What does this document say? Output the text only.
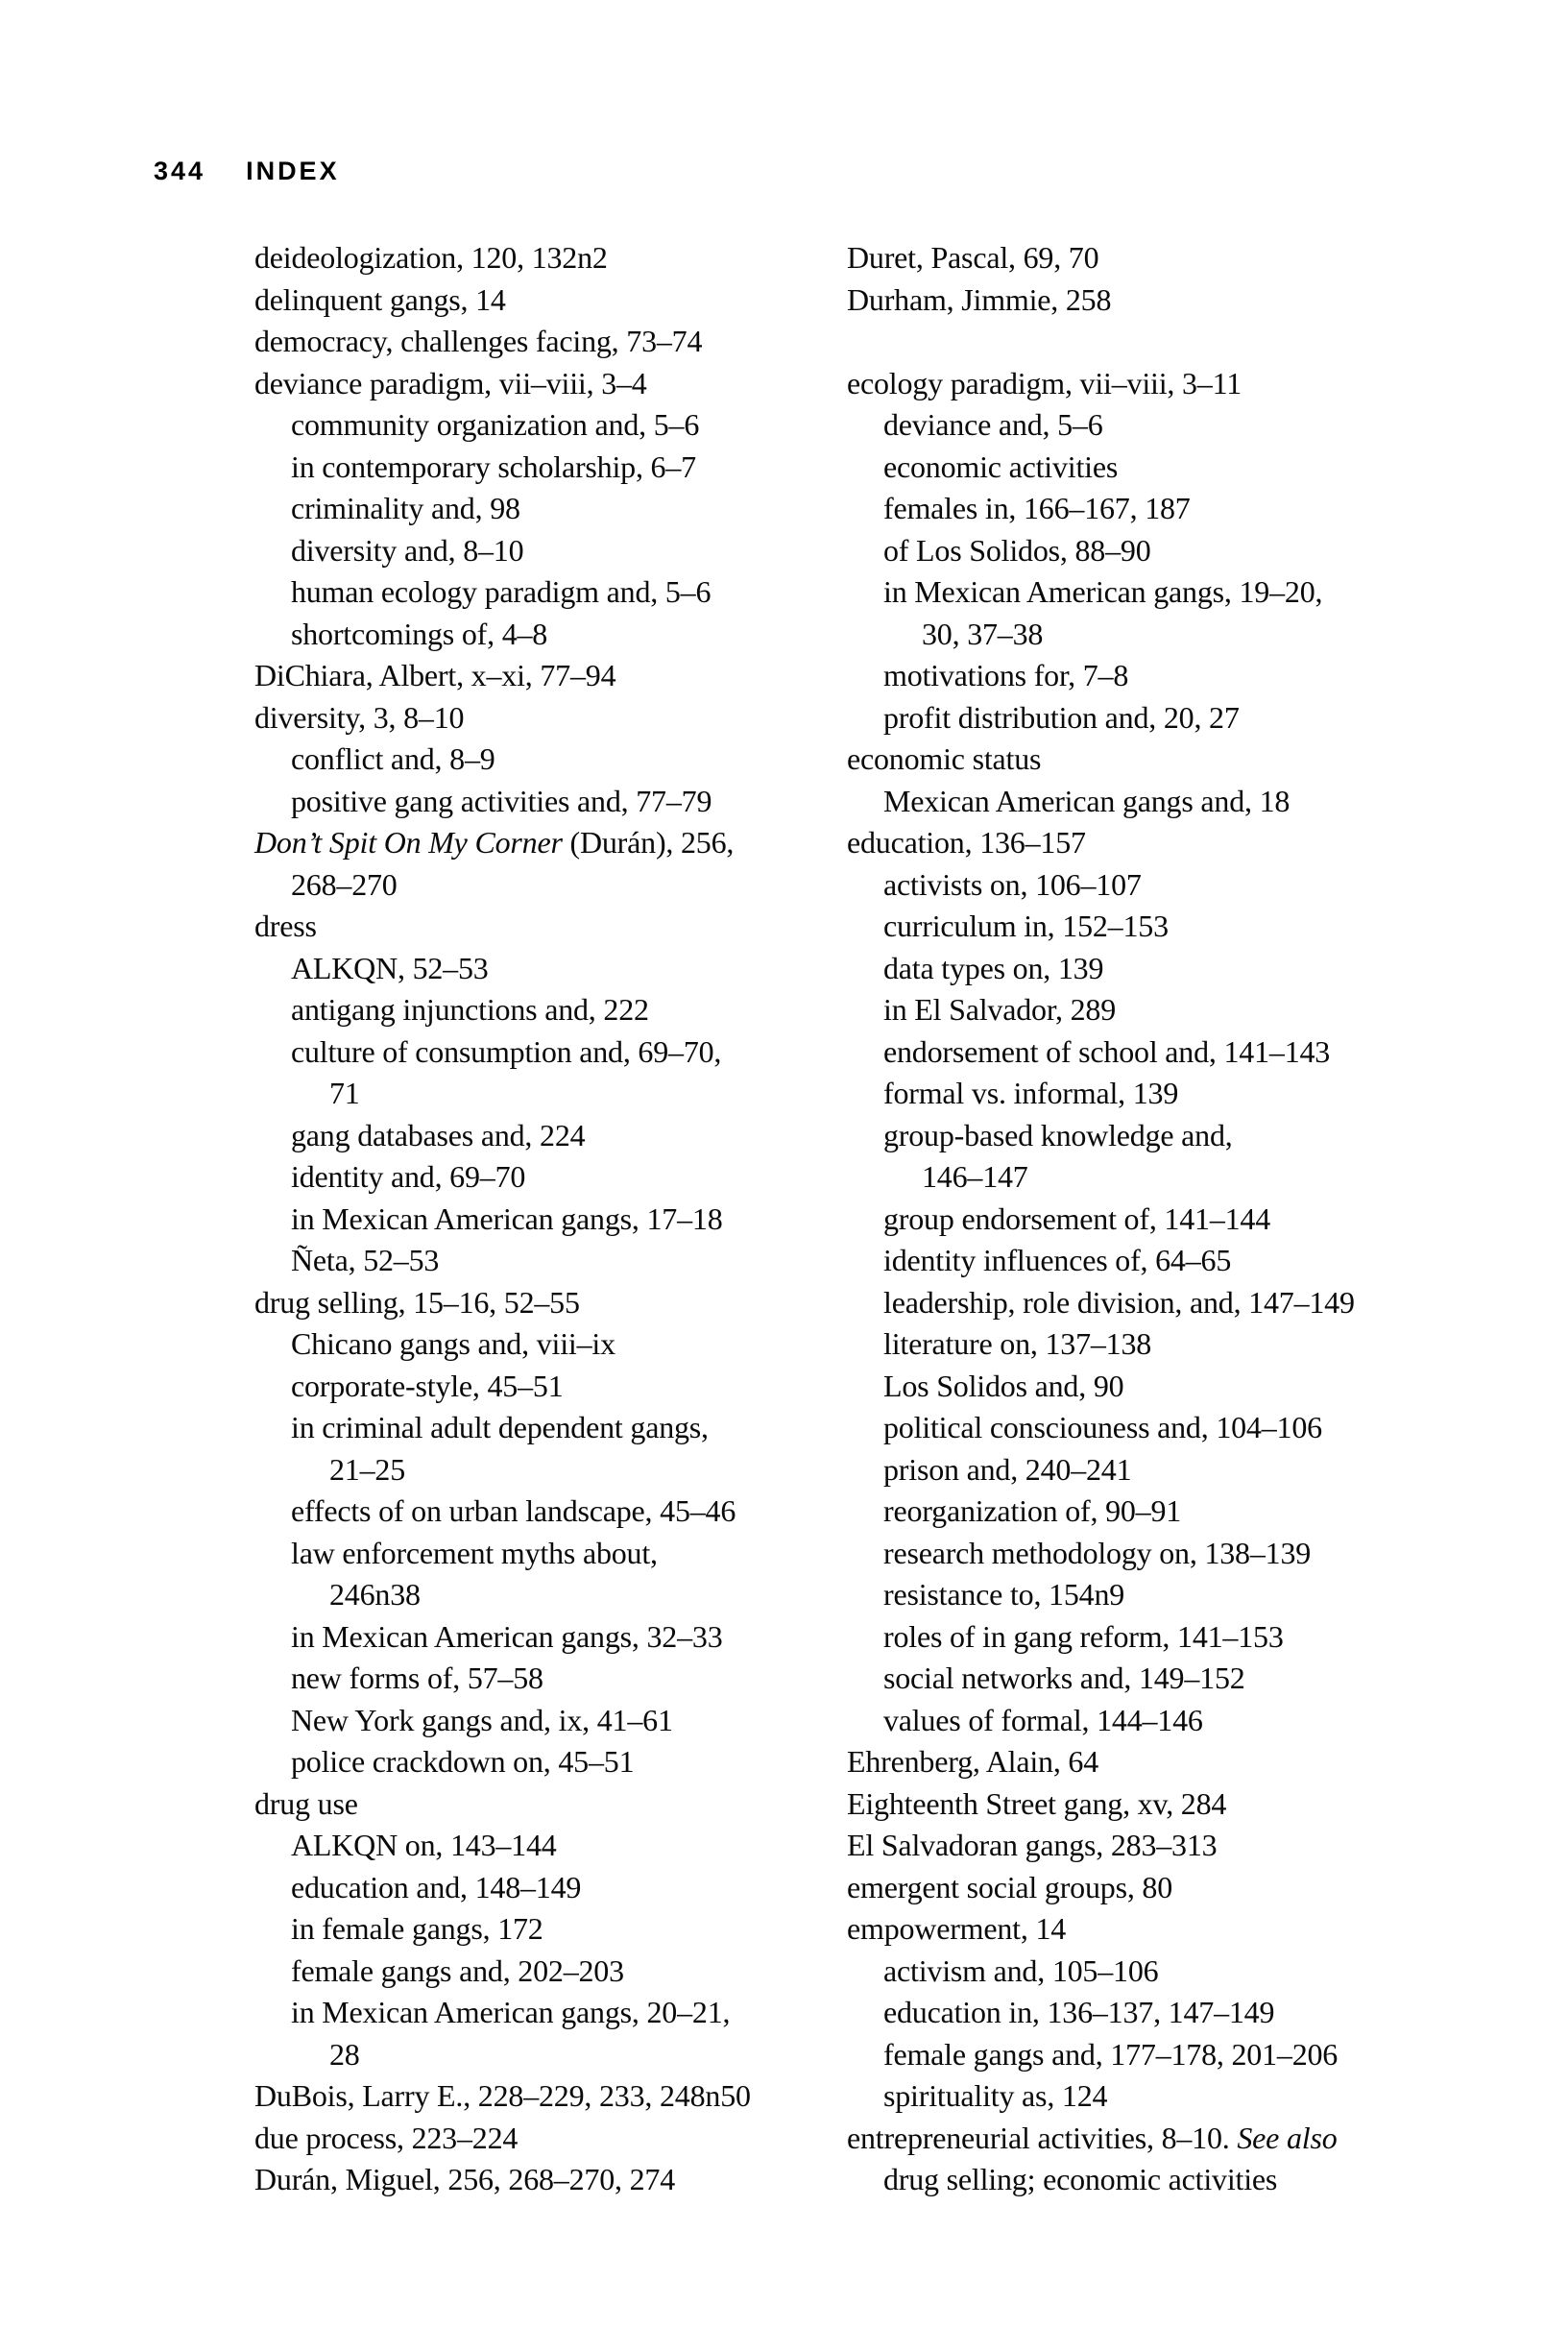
344 INDEX
deideologization, 120, 132n2
delinquent gangs, 14
democracy, challenges facing, 73–74
deviance paradigm, vii–viii, 3–4
community organization and, 5–6
in contemporary scholarship, 6–7
criminality and, 98
diversity and, 8–10
human ecology paradigm and, 5–6
shortcomings of, 4–8
DiChiara, Albert, x–xi, 77–94
diversity, 3, 8–10
conflict and, 8–9
positive gang activities and, 77–79
Don’t Spit On My Corner (Durán), 256,
268–270
dress
ALKQN, 52–53
antigang injunctions and, 222
culture of consumption and, 69–70,
71
gang databases and, 224
identity and, 69–70
in Mexican American gangs, 17–18
Ñeta, 52–53
drug selling, 15–16, 52–55
Chicano gangs and, viii–ix
corporate-style, 45–51
in criminal adult dependent gangs,
21–25
effects of on urban landscape, 45–46
law enforcement myths about,
246n38
in Mexican American gangs, 32–33
new forms of, 57–58
New York gangs and, ix, 41–61
police crackdown on, 45–51
drug use
ALKQN on, 143–144
education and, 148–149
in female gangs, 172
female gangs and, 202–203
in Mexican American gangs, 20–21,
28
DuBois, Larry E., 228–229, 233, 248n50
due process, 223–224
Durán, Miguel, 256, 268–270, 274
Duret, Pascal, 69, 70
Durham, Jimmie, 258
ecology paradigm, vii–viii, 3–11
deviance and, 5–6
economic activities
females in, 166–167, 187
of Los Solidos, 88–90
in Mexican American gangs, 19–20,
30, 37–38
motivations for, 7–8
profit distribution and, 20, 27
economic status
Mexican American gangs and, 18
education, 136–157
activists on, 106–107
curriculum in, 152–153
data types on, 139
in El Salvador, 289
endorsement of school and, 141–143
formal vs. informal, 139
group-based knowledge and,
146–147
group endorsement of, 141–144
identity influences of, 64–65
leadership, role division, and, 147–149
literature on, 137–138
Los Solidos and, 90
political consciouness and, 104–106
prison and, 240–241
reorganization of, 90–91
research methodology on, 138–139
resistance to, 154n9
roles of in gang reform, 141–153
social networks and, 149–152
values of formal, 144–146
Ehrenberg, Alain, 64
Eighteenth Street gang, xv, 284
El Salvadoran gangs, 283–313
emergent social groups, 80
empowerment, 14
activism and, 105–106
education in, 136–137, 147–149
female gangs and, 177–178, 201–206
spirituality as, 124
entrepreneurial activities, 8–10. See also
drug selling; economic activities
